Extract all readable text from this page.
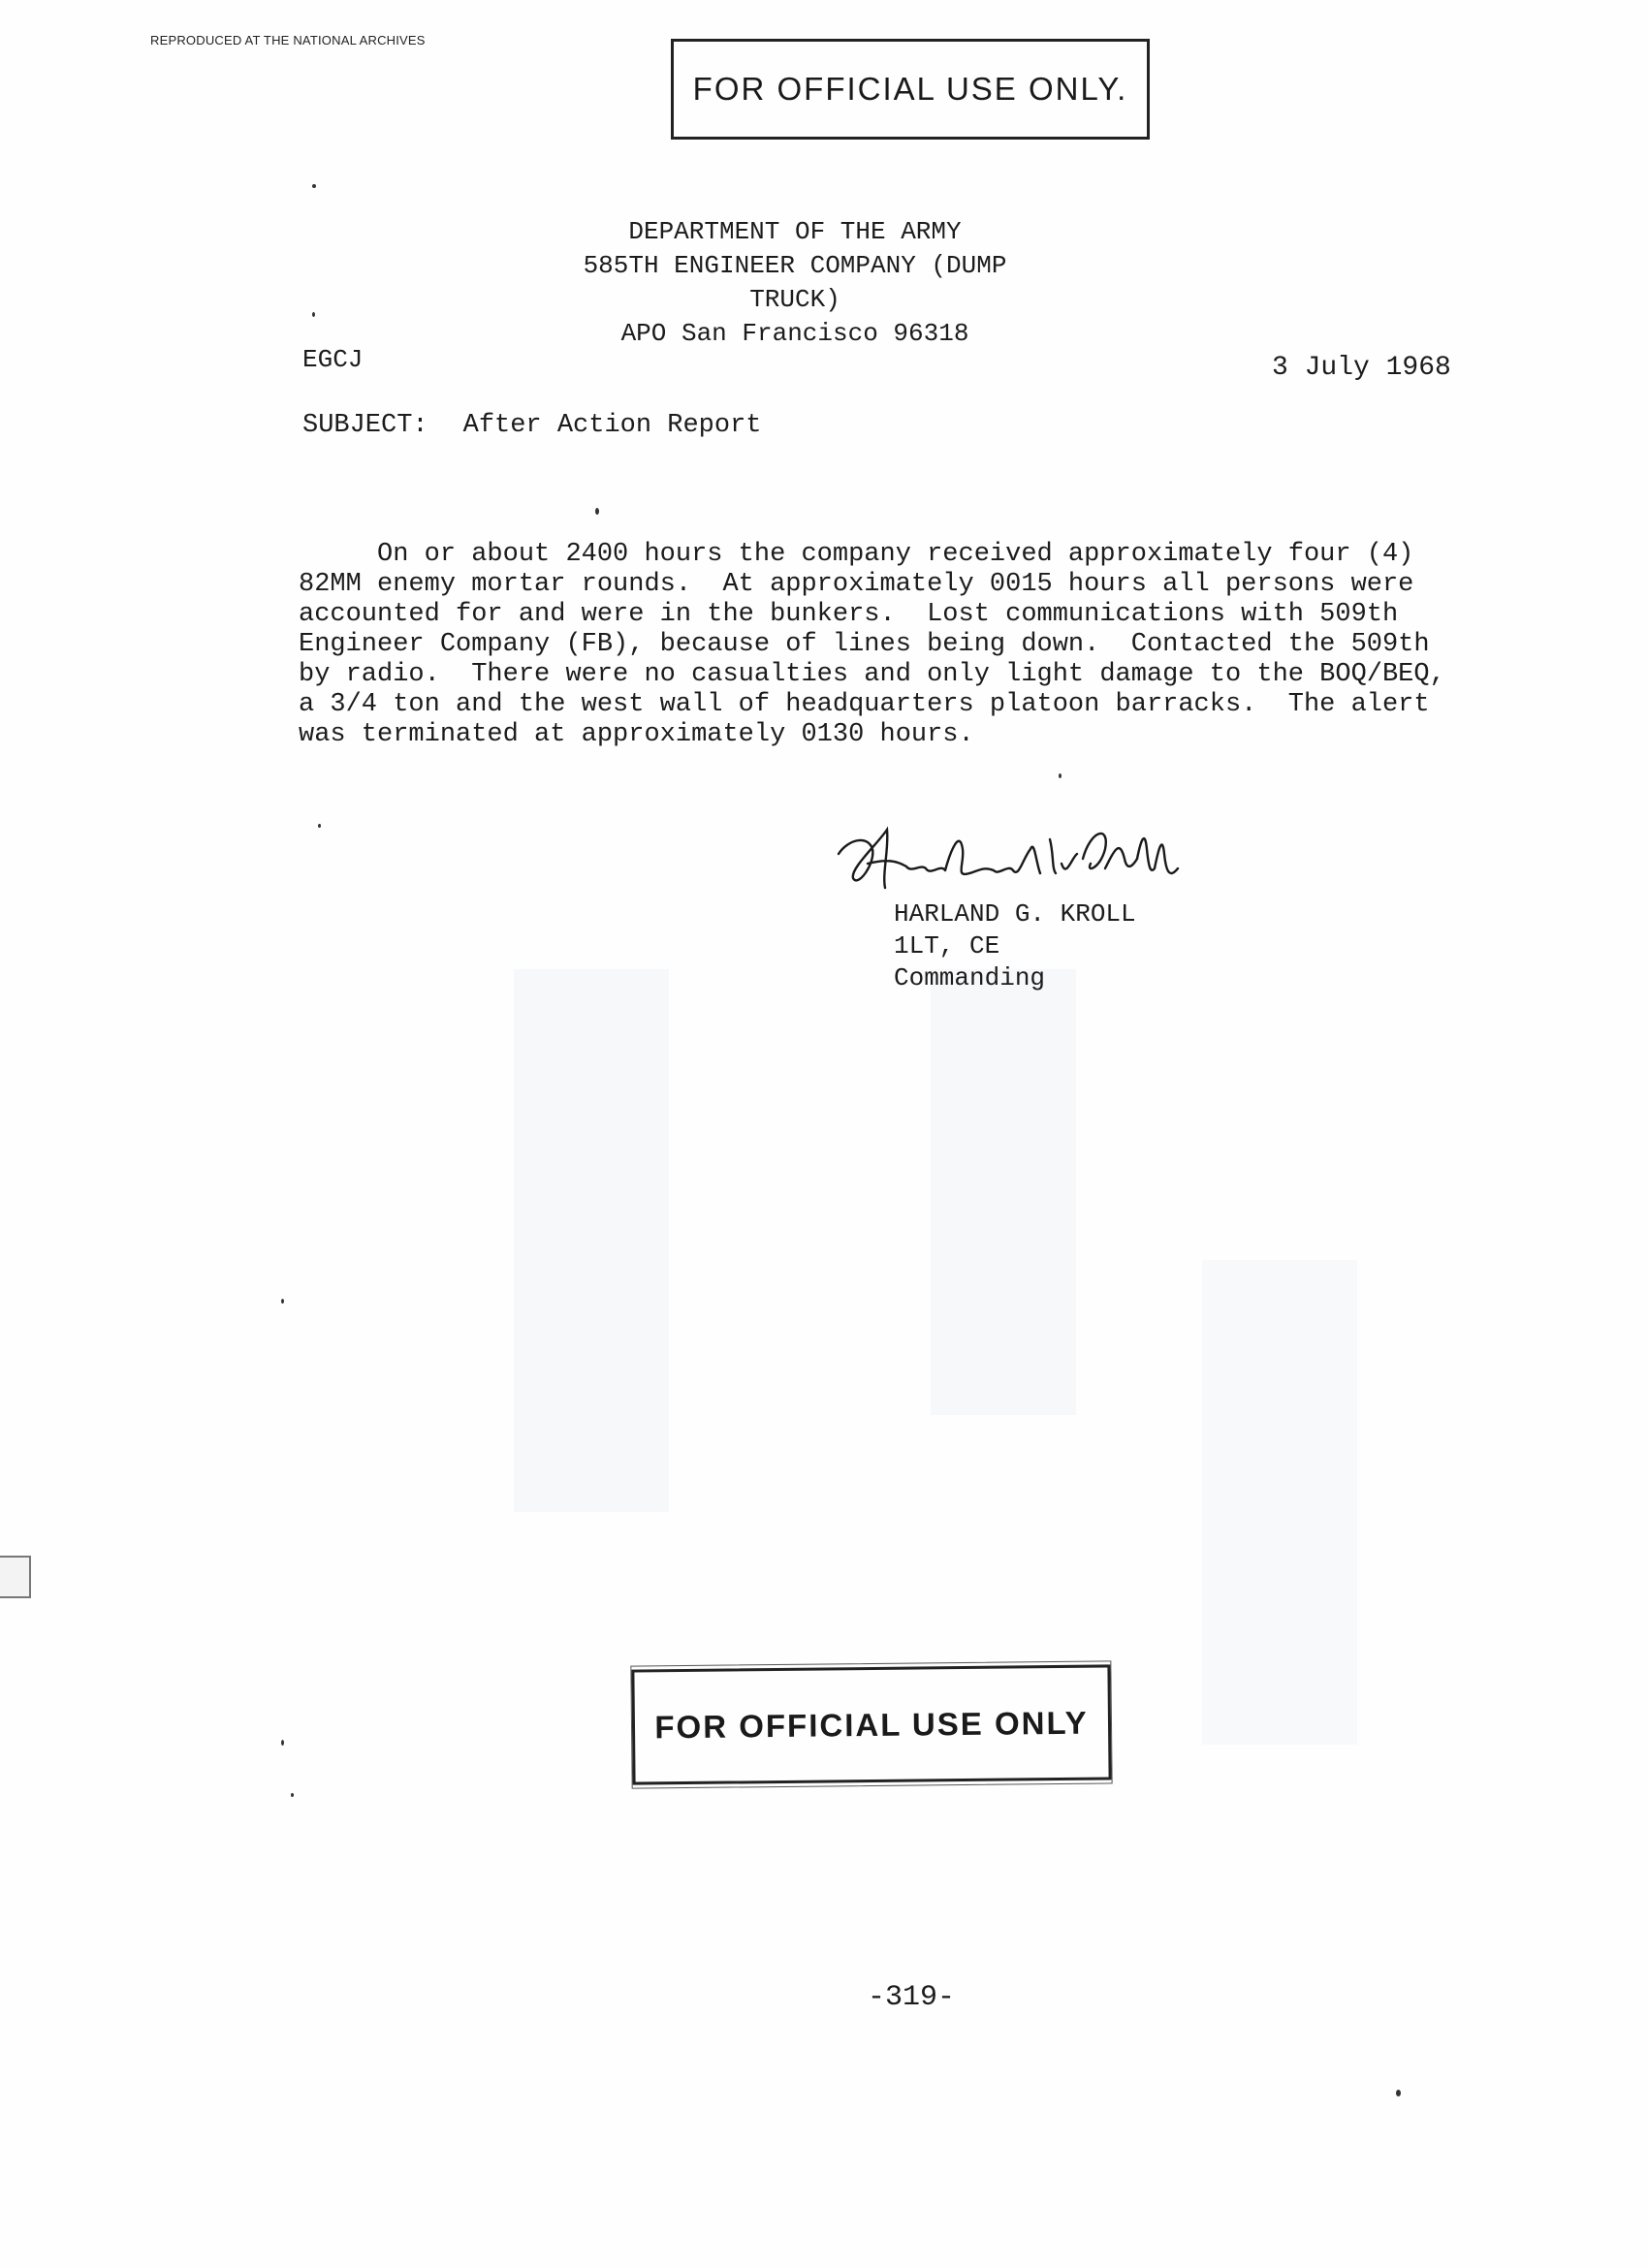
REPRODUCED AT THE NATIONAL ARCHIVES
FOR OFFICIAL USE ONLY.
DEPARTMENT OF THE ARMY
585TH ENGINEER COMPANY (DUMP TRUCK)
APO San Francisco 96318
EGCJ	3 July 1968
SUBJECT: After Action Report

On or about 2400 hours the company received approximately four (4)

82MM enemy mortar rounds.  At approximately 0015 hours all persons were

accounted for and were in the bunkers.  Lost communications with 509th

Engineer Company (FB), because of lines being down.  Contacted the 509th

by radio.  There were no casualties and only light damage to the BOQ/BEQ,

a 3/4 ton and the west wall of headquarters platoon barracks.  The alert

was terminated at approximately 0130 hours.

HARLAND G. KROLL
1LT, CE
Commanding
FOR OFFICIAL USE ONLY
-319-
